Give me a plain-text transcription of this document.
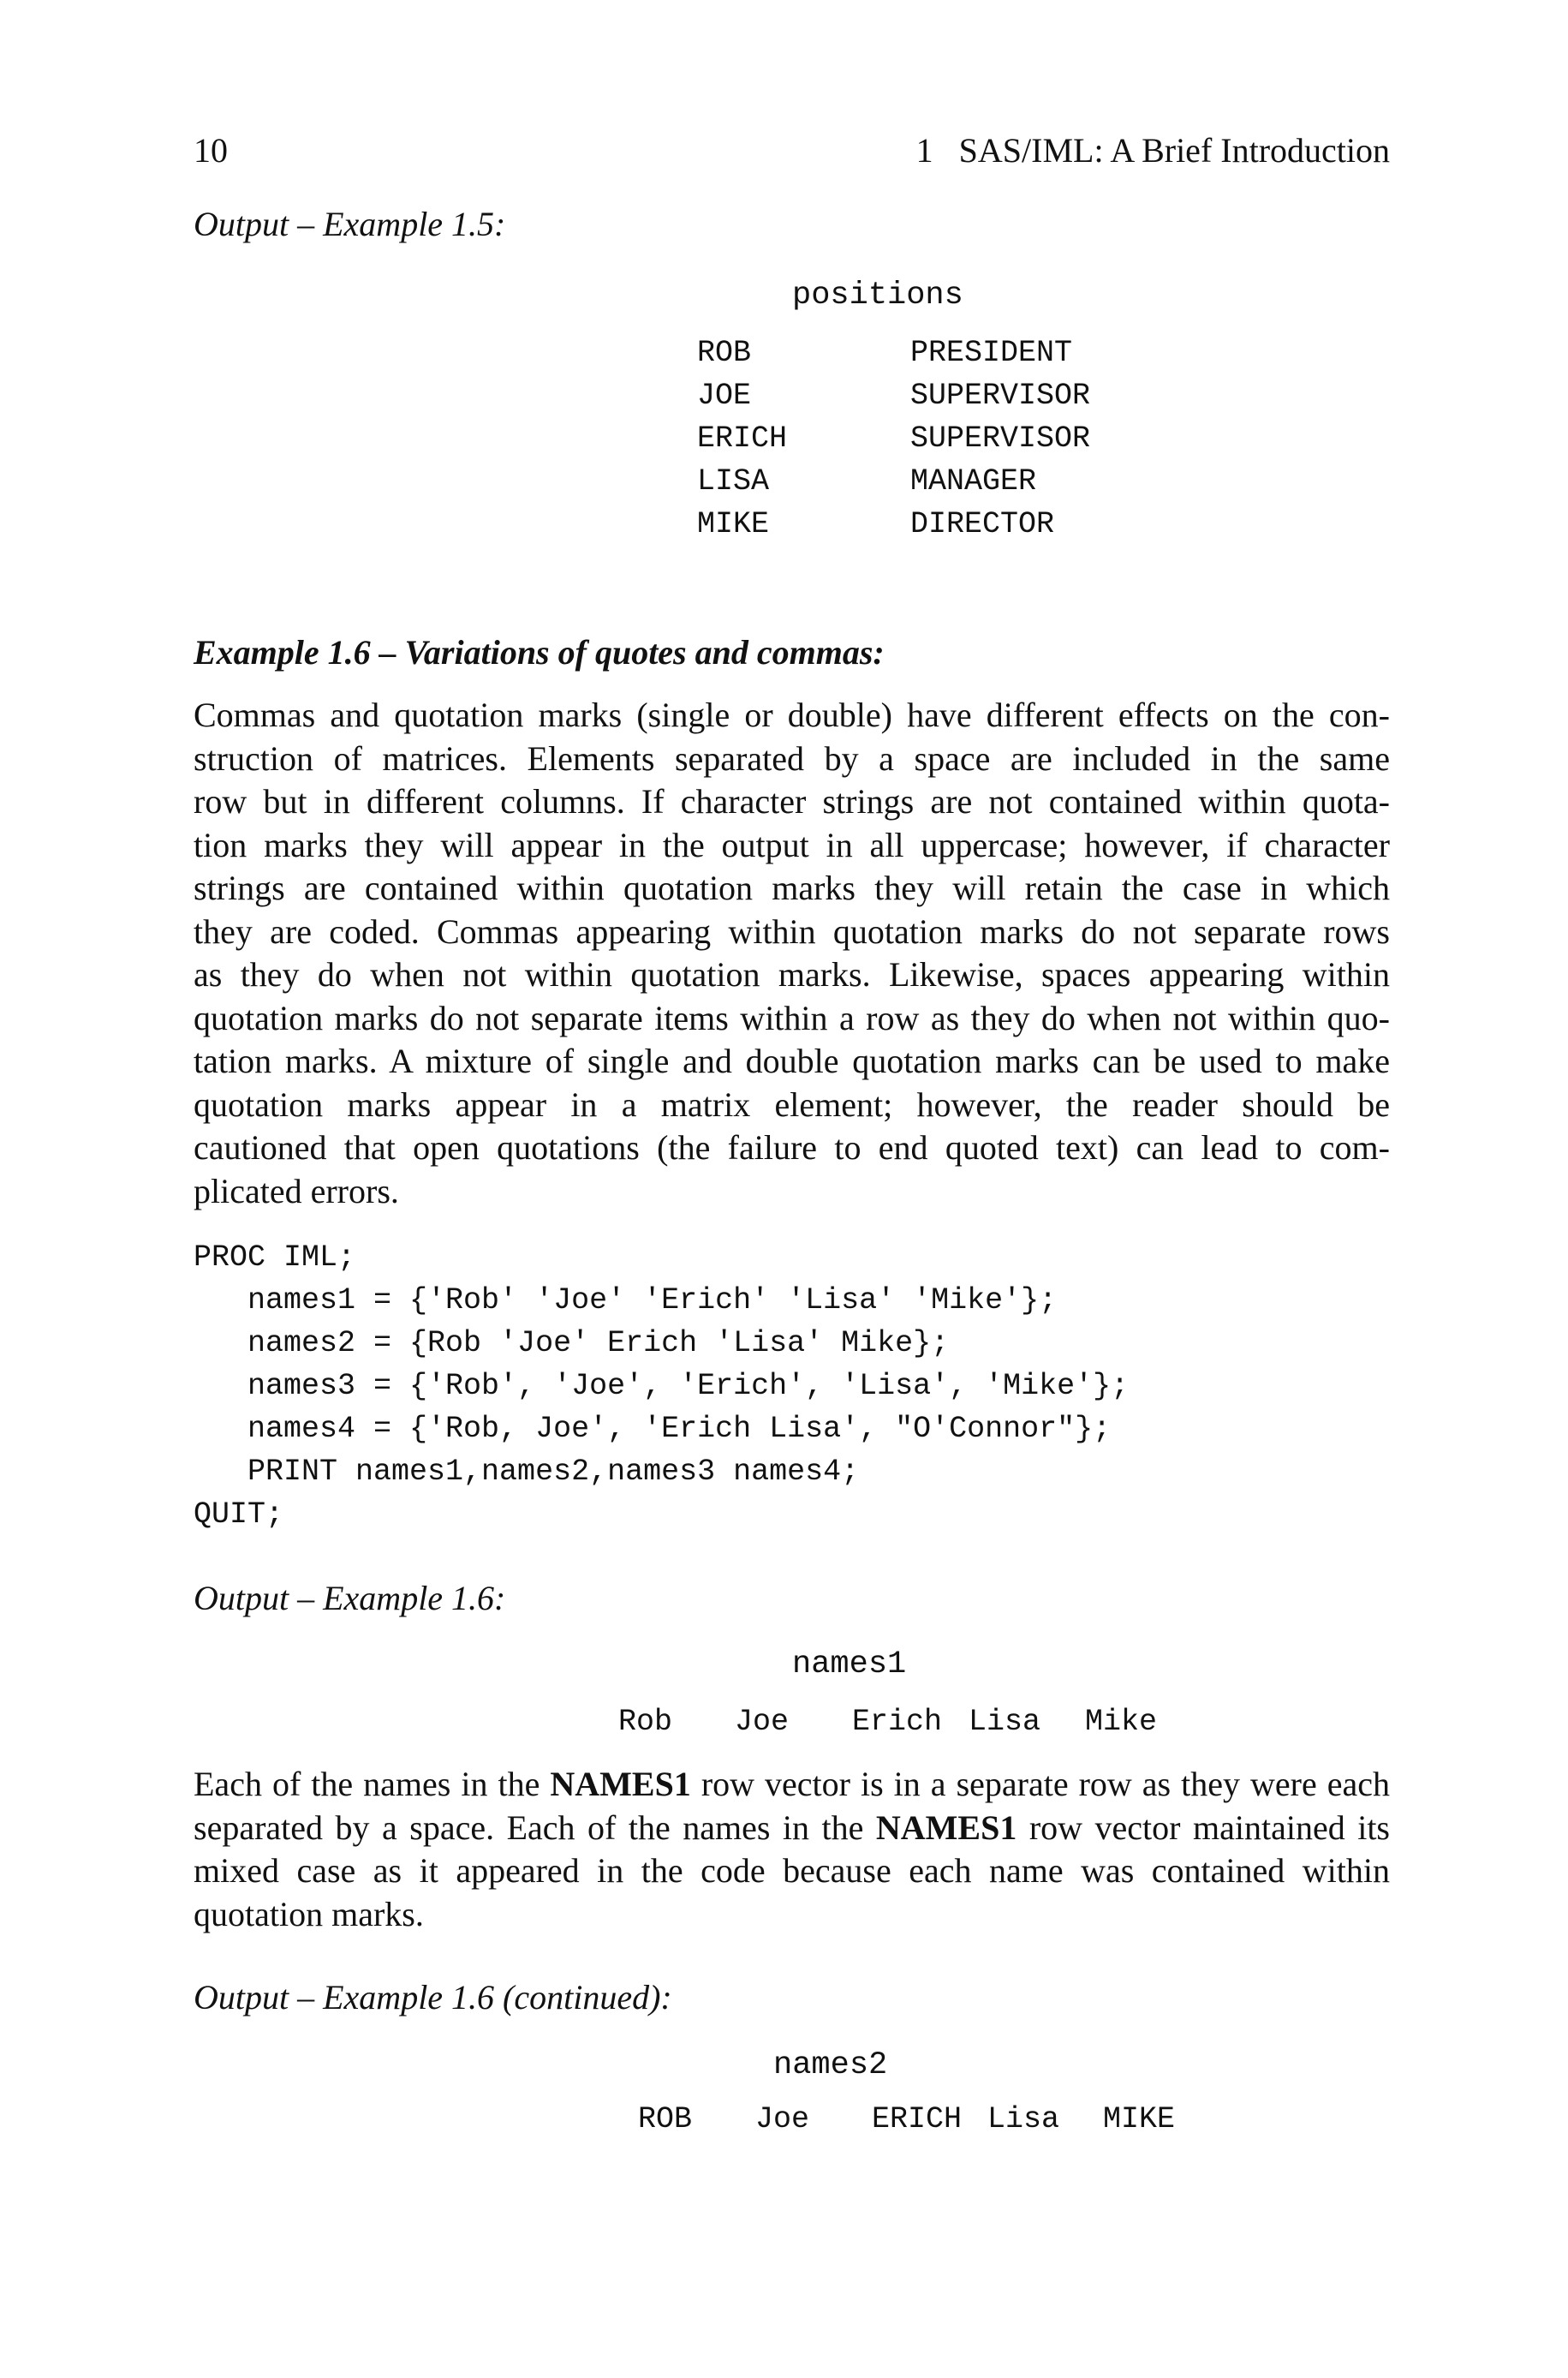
10	1   SAS/IML: A Brief Introduction
Output – Example 1.5:
positions
ROB	PRESIDENT
JOE	SUPERVISOR
ERICH	SUPERVISOR
LISA	MANAGER
MIKE	DIRECTOR
Example 1.6 – Variations of quotes and commas:
Commas and quotation marks (single or double) have different effects on the con-
struction of matrices. Elements separated by a space are included in the same
row but in different columns. If character strings are not contained within quota-
tion marks they will appear in the output in all uppercase; however, if character
strings are contained within quotation marks they will retain the case in which
they are coded. Commas appearing within quotation marks do not separate rows
as they do when not within quotation marks. Likewise, spaces appearing within
quotation marks do not separate items within a row as they do when not within quo-
tation marks. A mixture of single and double quotation marks can be used to make
quotation marks appear in a matrix element; however, the reader should be
cautioned that open quotations (the failure to end quoted text) can lead to com-
plicated errors.
PROC IML;
names1 = {'Rob' 'Joe' 'Erich' 'Lisa' 'Mike'};
names2 = {Rob 'Joe' Erich 'Lisa' Mike};
names3 = {'Rob', 'Joe', 'Erich', 'Lisa', 'Mike'};
names4 = {'Rob, Joe', 'Erich Lisa', "O'Connor"};
PRINT names1,names2,names3 names4;
QUIT;
Output – Example 1.6:
names1
Rob Joe Erich Lisa Mike
Each of the names in the NAMES1 row vector is in a separate row as they were each
separated by a space. Each of the names in the NAMES1 row vector maintained its
mixed case as it appeared in the code because each name was contained within
quotation marks.
Output – Example 1.6 (continued):
names2
ROB Joe ERICH Lisa MIKE
